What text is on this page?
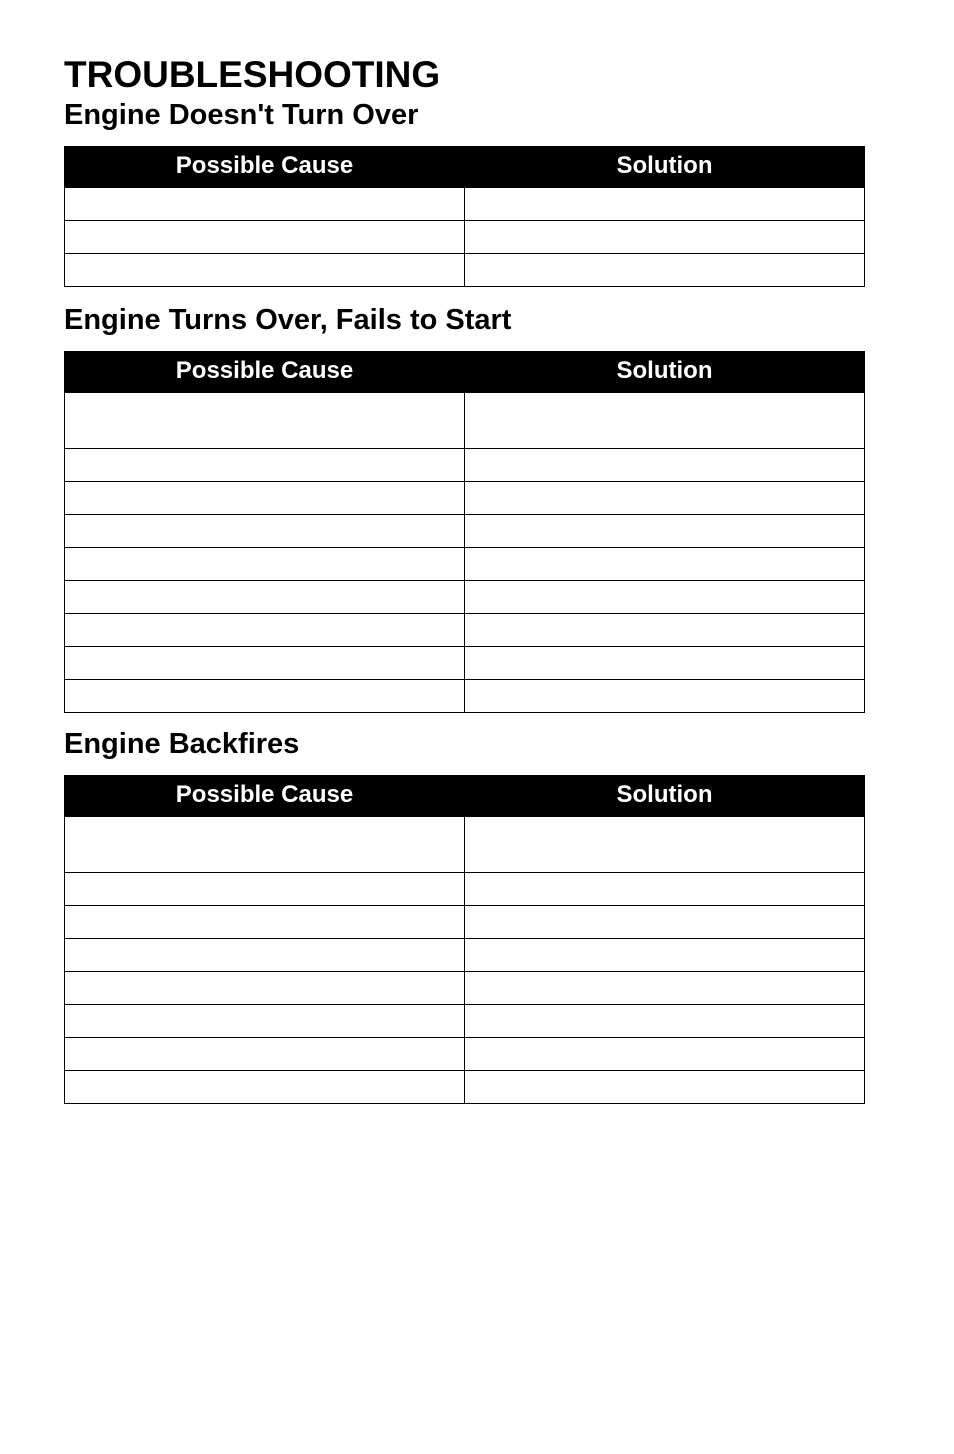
TROUBLESHOOTING
Engine Doesn't Turn Over
Possible Cause	Solution

Engine Turns Over, Fails to Start
Possible Cause	Solution

Engine Backfires
Possible Cause	Solution
